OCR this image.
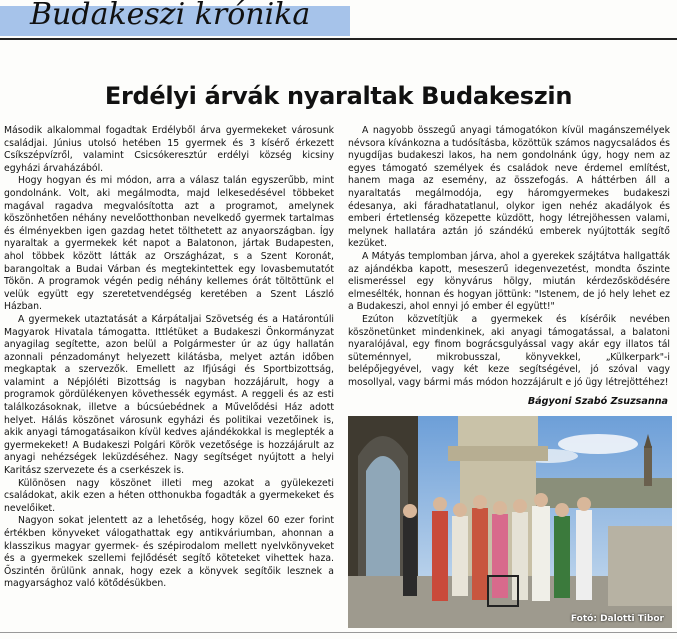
Budakeszi krónika
Erdélyi árvák nyaraltak Budakeszin

Második alkalommal fogadtak Erdélyből árva gyermekeket városunk családjai. Június utolsó hetében 15 gyermek és 3 kísérő érkezett Csíkszépvízről, valamint Csicsókeresztúr erdélyi község kicsiny egyházi árvaházából.

Hogy hogyan és mi módon, arra a válasz talán egyszerűbb, mint gondolnánk. Volt, aki megálmodta, majd lelkesedésével többeket magával ragadva megvalósította azt a programot, amelynek köszönhetően néhány nevelőotthonban nevelkedő gyermek tartalmas és élményekben igen gazdag hetet tölthetett az anyaországban. Így nyaraltak a gyermekek két napot a Balatonon, jártak Budapesten, ahol többek között látták az Országházat, s a Szent Koronát, barangoltak a Budai Várban és megtekintettek egy lovasbemutatót Tökön. A programok végén pedig néhány kellemes órát töltöttünk el velük együtt egy szeretetvendégség keretében a Szent László Házban.

A gyermekek utaztatását a Kárpátaljai Szövetség és a Határontúli Magyarok Hivatala támogatta. Ittlétüket a Budakeszi Önkormányzat anyagilag segítette, azon belül a Polgármester úr az úgy hallatán azonnali pénzadományt helyezett kilátásba, melyet aztán időben megkaptak a szervezők. Emellett az Ifjúsági és Sportbizottság, valamint a Népjóléti Bizottság is nagyban hozzájárult, hogy a programok gördülékenyen követhessék egymást. A reggeli és az esti találkozásoknak, illetve a búcsúebédnek a Művelődési Ház adott helyet. Hálás köszönet városunk egyházi és politikai vezetőinek is, akik anyagi támogatásaikon kívül kedves ajándékokkal is meglepték a gyermekeket! A Budakeszi Polgári Körök vezetősége is hozzájárult az anyagi nehézségek leküzdéséhez. Nagy segítséget nyújtott a helyi Karitász szervezete és a cserkészek is.

Különösen nagy köszönet illeti meg azokat a gyülekezeti családokat, akik ezen a héten otthonukba fogadták a gyermekeket és nevelőiket.

Nagyon sokat jelentett az a lehetőség, hogy közel 60 ezer forint értékben könyveket válogathattak egy antikváriumban, ahonnan a klasszikus magyar gyermek- és szépirodalom mellett nyelvkönyveket és a gyermekek szellemi fejlődését segítő köteteket vihettek haza. Őszintén örülünk annak, hogy ezek a könyvek segítőik lesznek a magyarsághoz való kötődésükben.

A nagyobb összegű anyagi támogatókon kívül magánszemélyek névsora kívánkozna a tudósításba, közöttük számos nagycsaládos és nyugdíjas budakeszi lakos, ha nem gondolnánk úgy, hogy nem az egyes támogató személyek és családok neve érdemel említést, hanem maga az esemény, az összefogás. A háttérben áll a nyaraltatás megálmodója, egy háromgyermekes budakeszi édesanya, aki fáradhatatlanul, olykor igen nehéz akadályok és emberi értetlenség közepette küzdött, hogy létrejöhessen valami, melynek hallatára aztán jó szándékú emberek nyújtották segítő kezüket.

A Mátyás templomban járva, ahol a gyerekek szájtátva hallgatták az ajándékba kapott, meseszerű idegenvezetést, mondta őszinte elismeréssel egy könyvárus hölgy, miután kérdezősködésére elmesélték, honnan és hogyan jöttünk: "Istenem, de jó hely lehet ez a Budakeszi, ahol ennyi jó ember él együtt!"

Ezúton közvetítjük a gyermekek és kísérőik nevében köszönetünket mindenkinek, aki anyagi támogatással, a balatoni nyaralójával, egy finom bográcsgulyással vagy akár egy illatos tál süteménnyel, mikrobusszal, könyvekkel, „Külkerpark"-i belépőjegyével, vagy két keze segítségével, jó szóval vagy mosollyal, vagy bármi más módon hozzájárult e jó ügy létrejöttéhez!

Bágyoni Szabó Zsuzsanna
Fotó: Dalotti Tibor
